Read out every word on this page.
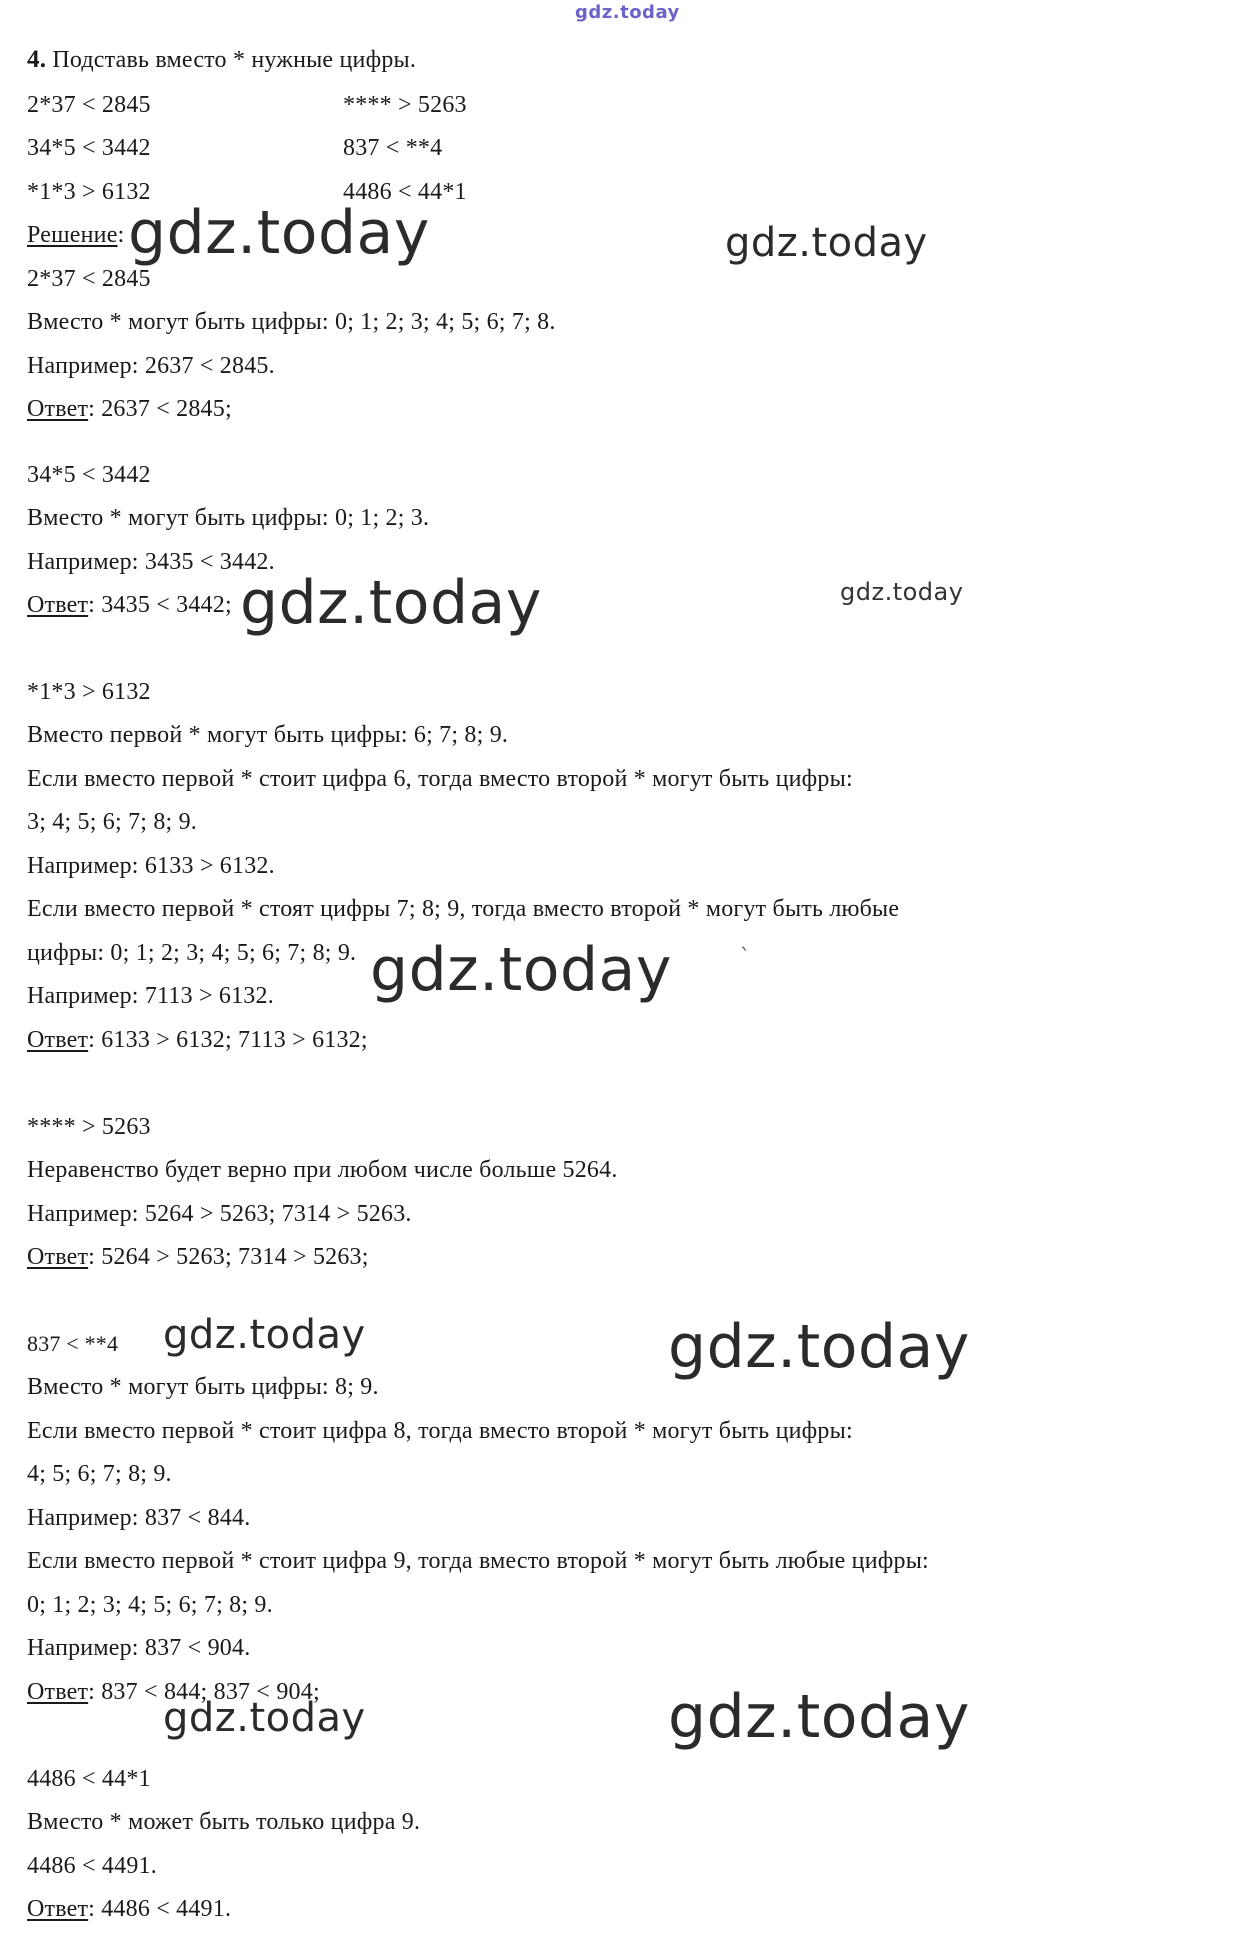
gdz.today
4. Подставь вместо * нужные цифры.
2*37 < 2845	**** > 5263
34*5 < 3442	837 < **4
*1*3 > 6132	4486 < 44*1
Решение:
2*37 < 2845
Вместо * могут быть цифры: 0; 1; 2; 3; 4; 5; 6; 7; 8.
Например: 2637 < 2845.
Ответ: 2637 < 2845;
34*5 < 3442
Вместо * могут быть цифры: 0; 1; 2; 3.
Например: 3435 < 3442.
Ответ: 3435 < 3442;
*1*3 > 6132
Вместо первой * могут быть цифры: 6; 7; 8; 9.
Если вместо первой * стоит цифра 6, тогда вместо второй * могут быть цифры:
3; 4; 5; 6; 7; 8; 9.
Например: 6133 > 6132.
Если вместо первой * стоят цифры 7; 8; 9, тогда вместо второй * могут быть любые
цифры: 0; 1; 2; 3; 4; 5; 6; 7; 8; 9.
Например: 7113 > 6132.
Ответ: 6133 > 6132; 7113 > 6132;
**** > 5263
Неравенство будет верно при любом числе больше 5264.
Например: 5264 > 5263; 7314 > 5263.
Ответ: 5264 > 5263; 7314 > 5263;
837 < **4
Вместо * могут быть цифры: 8; 9.
Если вместо первой * стоит цифра 8, тогда вместо второй * могут быть цифры:
4; 5; 6; 7; 8; 9.
Например: 837 < 844.
Если вместо первой * стоит цифра 9, тогда вместо второй * могут быть любые цифры:
0; 1; 2; 3; 4; 5; 6; 7; 8; 9.
Например: 837 < 904.
Ответ: 837 < 844; 837 < 904;
4486 < 44*1
Вместо * может быть только цифра 9.
4486 < 4491.
Ответ: 4486 < 4491.
gdz.today	gdz.today
gdz.today	gdz.today
gdz.today	`
gdz.today	gdz.today
gdz.today	gdz.today
